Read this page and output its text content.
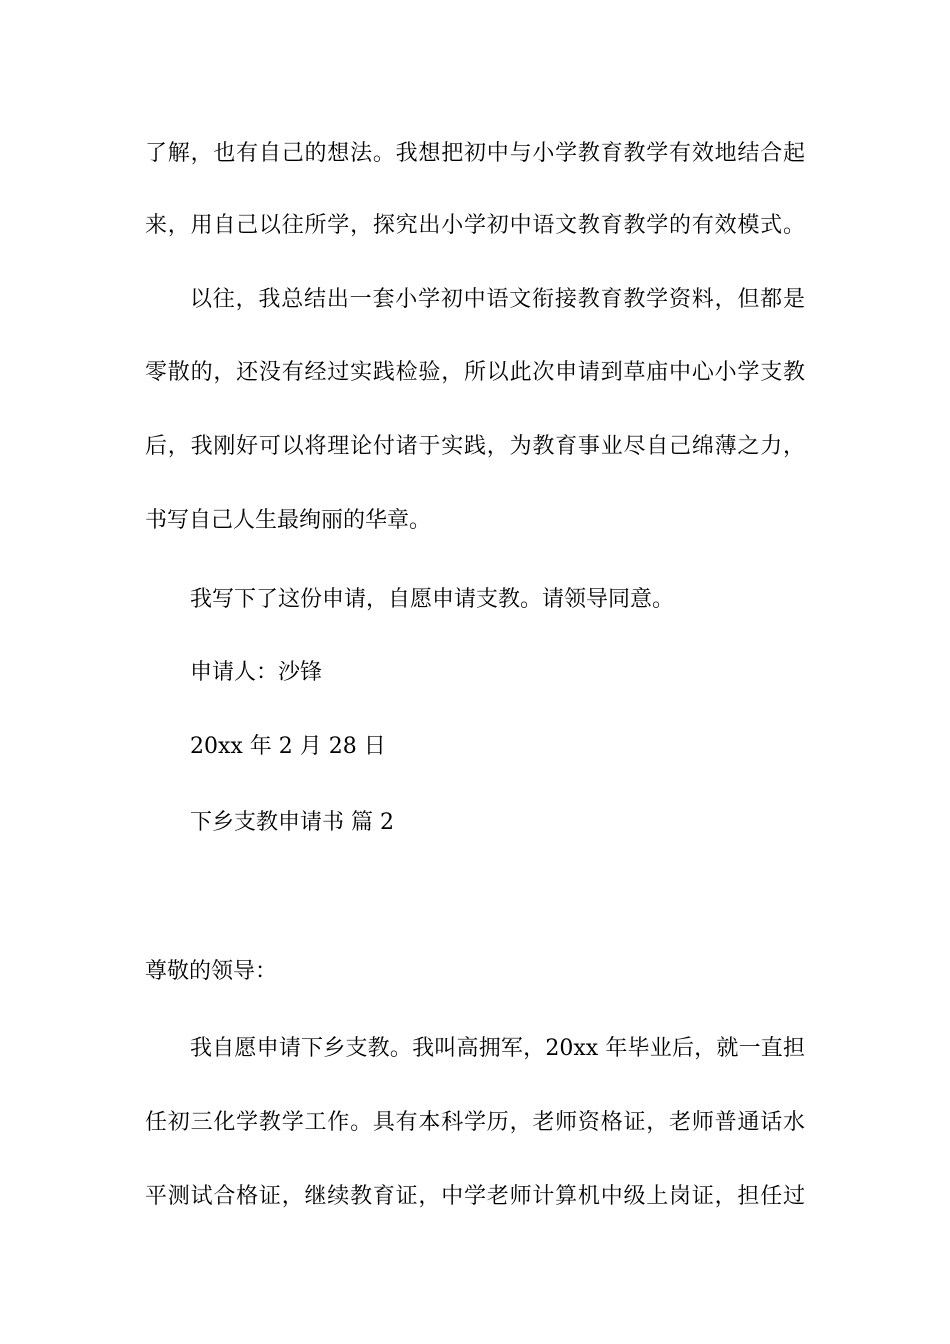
了解，也有自己的想法。我想把初中与小学教育教学有效地结合起
来，用自己以往所学，探究出小学初中语文教育教学的有效模式。
以往，我总结出一套小学初中语文衔接教育教学资料，但都是
零散的，还没有经过实践检验，所以此次申请到草庙中心小学支教
后，我刚好可以将理论付诸于实践，为教育事业尽自己绵薄之力，
书写自己人生最绚丽的华章。
我写下了这份申请，自愿申请支教。请领导同意。
申请人：沙锋
20xx 年 2 月 28 日
下乡支教申请书 篇 2
尊敬的领导：
我自愿申请下乡支教。我叫高拥军，20xx 年毕业后，就一直担
任初三化学教学工作。具有本科学历，老师资格证，老师普通话水
平测试合格证，继续教育证，中学老师计算机中级上岗证，担任过
